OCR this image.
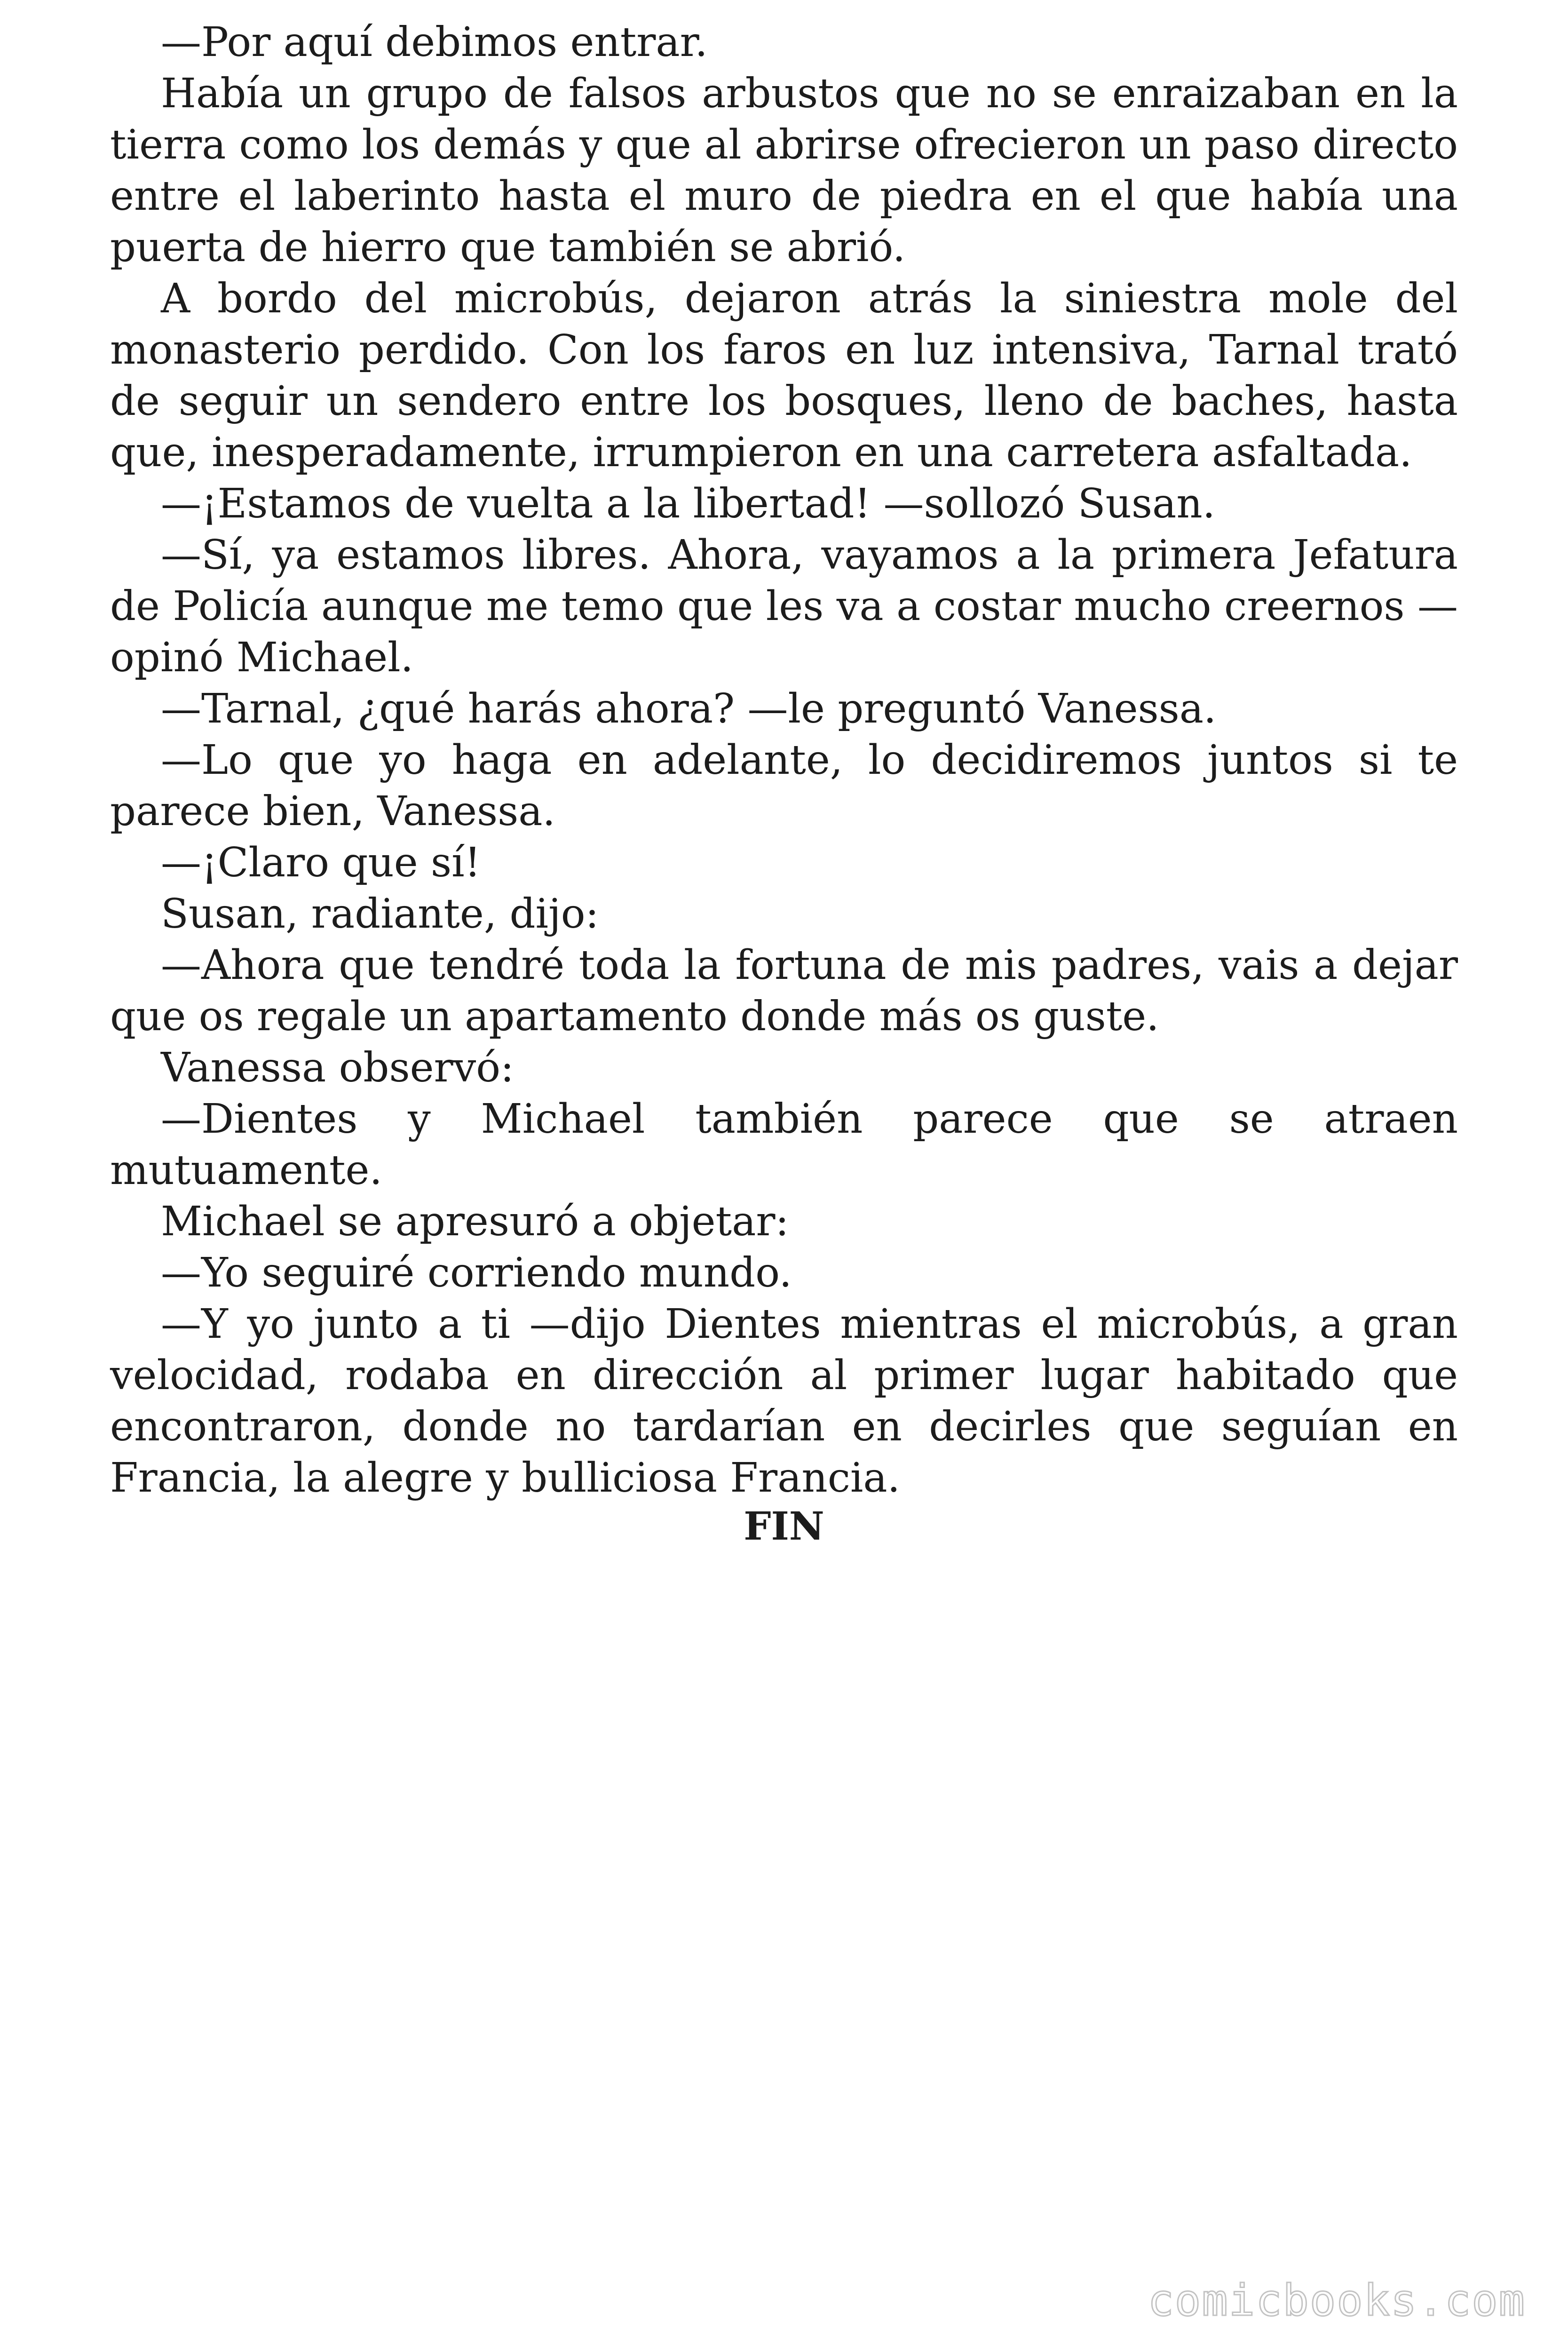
—Por aquí debimos entrar.

Había un grupo de falsos arbustos que no se enraizaban en la tierra como los demás y que al abrirse ofrecieron un paso directo entre el laberinto hasta el muro de piedra en el que había una puerta de hierro que también se abrió.

A bordo del microbús, dejaron atrás la siniestra mole del monasterio perdido. Con los faros en luz intensiva, Tarnal trató de seguir un sendero entre los bosques, lleno de baches, hasta que, inesperadamente, irrumpieron en una carretera asfaltada.

—¡Estamos de vuelta a la libertad! —sollozó Susan.

—Sí, ya estamos libres. Ahora, vayamos a la primera Jefatura de Policía aunque me temo que les va a costar mucho creernos —opinó Michael.

—Tarnal, ¿qué harás ahora? —le preguntó Vanessa.

—Lo que yo haga en adelante, lo decidiremos juntos si te parece bien, Vanessa.

—¡Claro que sí!

Susan, radiante, dijo:

—Ahora que tendré toda la fortuna de mis padres, vais a dejar que os regale un apartamento donde más os guste.

Vanessa observó:

—Dientes y Michael también parece que se atraen mutuamente.

Michael se apresuró a objetar:

—Yo seguiré corriendo mundo.

—Y yo junto a ti —dijo Dientes mientras el microbús, a gran velocidad, rodaba en dirección al primer lugar habitado que encontraron, donde no tardarían en decirles que seguían en Francia, la alegre y bulliciosa Francia.

FIN
comicbooks.com
